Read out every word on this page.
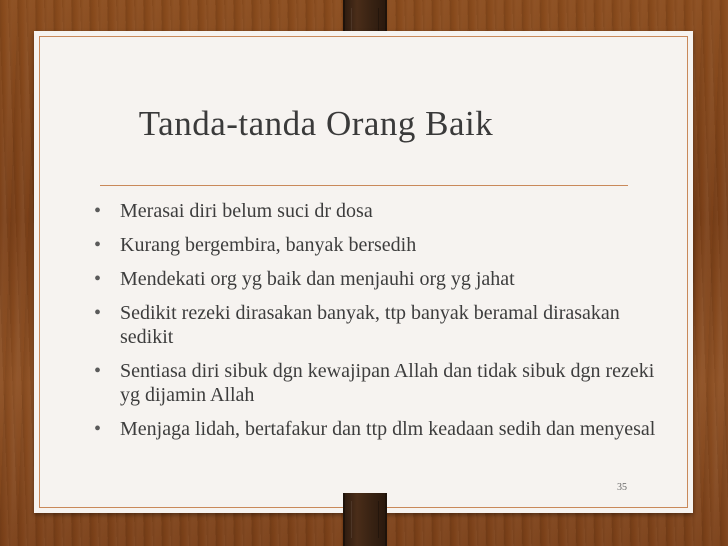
Tanda-tanda Orang Baik
• Merasai diri belum suci dr dosa
• Kurang bergembira, banyak bersedih
• Mendekati org yg baik dan menjauhi org yg jahat
• Sedikit rezeki dirasakan banyak, ttp banyak beramal dirasakan sedikit
• Sentiasa diri sibuk dgn kewajipan Allah dan tidak sibuk dgn rezeki yg dijamin Allah
• Menjaga lidah, bertafakur dan ttp dlm keadaan sedih dan menyesal
35
